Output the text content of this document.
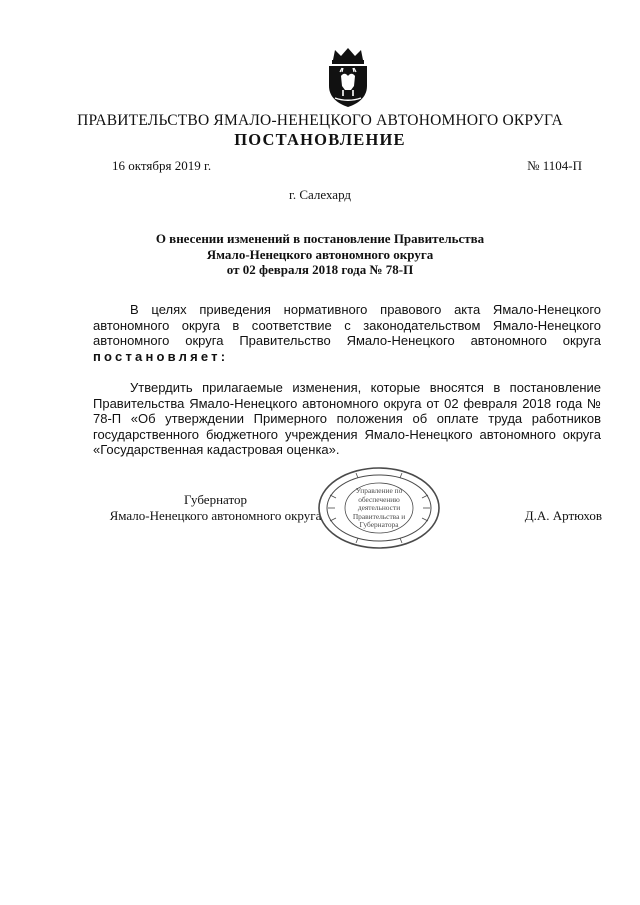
ПРАВИТЕЛЬСТВО ЯМАЛО-НЕНЕЦКОГО АВТОНОМНОГО ОКРУГА
ПОСТАНОВЛЕНИЕ
16 октября 2019 г.	№ 1104-П
г. Салехард
О внесении изменений в постановление Правительства
Ямало-Ненецкого автономного округа
от 02 февраля 2018 года № 78-П
В целях приведения нормативного правового акта Ямало-Ненецкого автономного округа в соответствие с законодательством Ямало-Ненецкого автономного округа Правительство Ямало-Ненецкого автономного округа постановляет:
Утвердить прилагаемые изменения, которые вносятся в постановление Правительства Ямало-Ненецкого автономного округа от 02 февраля 2018 года № 78-П «Об утверждении Примерного положения об оплате труда работников государственного бюджетного учреждения Ямало-Ненецкого автономного округа «Государственная кадастровая оценка».
Губернатор
Ямало-Ненецкого автономного округа
Управление по обеспечению деятельности Правительства и Губернатора
Д.А. Артюхов
